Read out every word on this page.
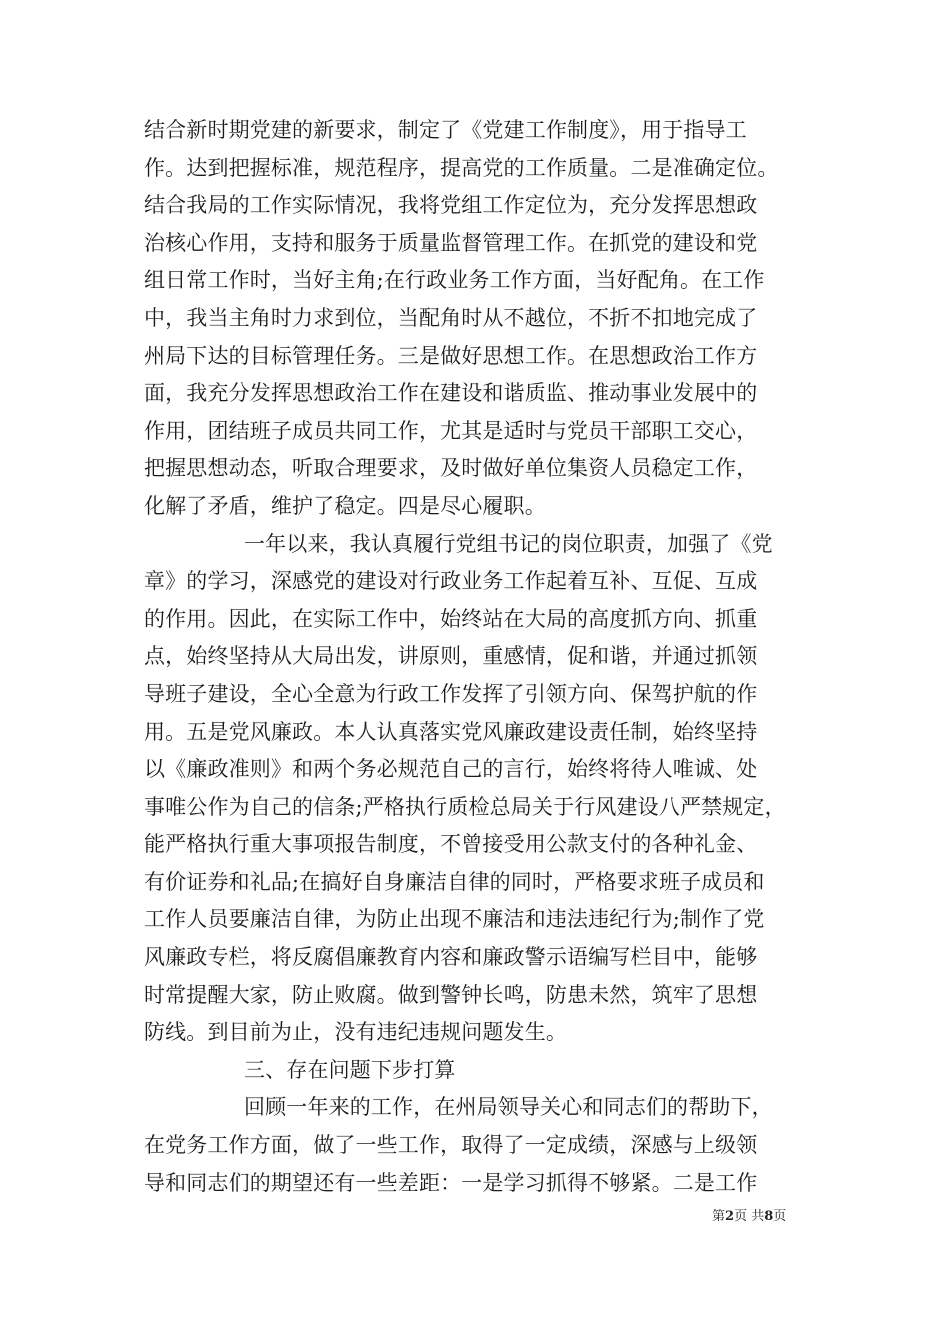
结合新时期党建的新要求，制定了《党建工作制度》，用于指导工
作。达到把握标准，规范程序，提高党的工作质量。二是准确定位。
结合我局的工作实际情况，我将党组工作定位为，充分发挥思想政
治核心作用，支持和服务于质量监督管理工作。在抓党的建设和党
组日常工作时，当好主角;在行政业务工作方面，当好配角。在工作
中，我当主角时力求到位，当配角时从不越位，不折不扣地完成了
州局下达的目标管理任务。三是做好思想工作。在思想政治工作方
面，我充分发挥思想政治工作在建设和谐质监、推动事业发展中的
作用，团结班子成员共同工作，尤其是适时与党员干部职工交心，
把握思想动态，听取合理要求，及时做好单位集资人员稳定工作，
化解了矛盾，维护了稳定。四是尽心履职。
一年以来，我认真履行党组书记的岗位职责，加强了《党
章》的学习，深感党的建设对行政业务工作起着互补、互促、互成
的作用。因此，在实际工作中，始终站在大局的高度抓方向、抓重
点，始终坚持从大局出发，讲原则，重感情，促和谐，并通过抓领
导班子建设，全心全意为行政工作发挥了引领方向、保驾护航的作
用。五是党风廉政。本人认真落实党风廉政建设责任制，始终坚持
以《廉政准则》和两个务必规范自己的言行，始终将待人唯诚、处
事唯公作为自己的信条;严格执行质检总局关于行风建设八严禁规定，
能严格执行重大事项报告制度，不曾接受用公款支付的各种礼金、
有价证券和礼品;在搞好自身廉洁自律的同时，严格要求班子成员和
工作人员要廉洁自律，为防止出现不廉洁和违法违纪行为;制作了党
风廉政专栏，将反腐倡廉教育内容和廉政警示语编写栏目中，能够
时常提醒大家，防止败腐。做到警钟长鸣，防患未然，筑牢了思想
防线。到目前为止，没有违纪违规问题发生。
三、存在问题下步打算
回顾一年来的工作，在州局领导关心和同志们的帮助下，
在党务工作方面，做了一些工作，取得了一定成绩，深感与上级领
导和同志们的期望还有一些差距：一是学习抓得不够紧。二是工作
第2页 共8页
